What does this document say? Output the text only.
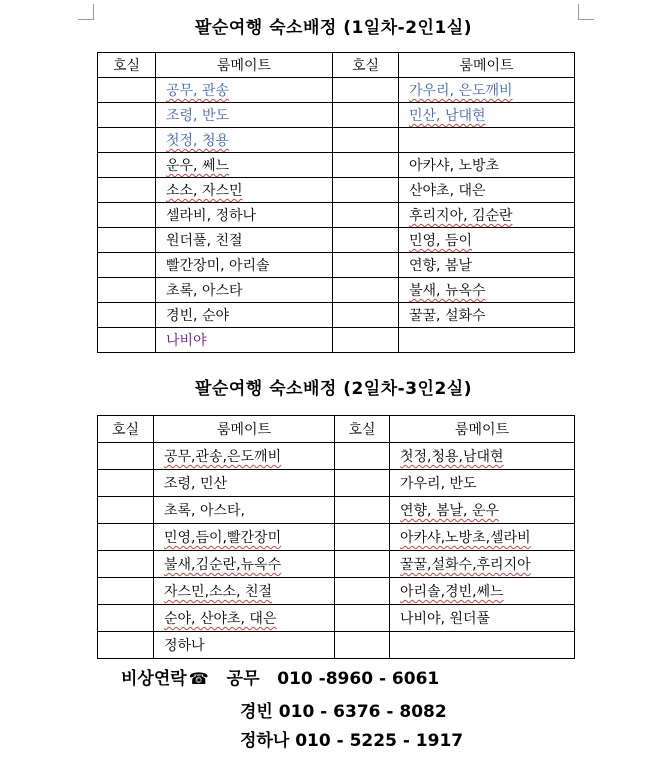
팔순여행 숙소배정 (1일차-2인1실)
호실	룸메이트	호실	룸메이트
	공무, 관송		가우리, 은도깨비
	조령, 반도		민산, 남대현
	첫정, 청용		
	운우, 쎄느		아카샤, 노방초
	소소, 자스민		산야초, 대은
	셀라비, 정하나		후리지아, 김순란
	원더풀, 친절		민영, 듬이
	빨간장미, 아리솔		연향, 봄날
	초록, 아스타		불새, 뉴옥수
	경빈, 순야		꿀꿀, 설화수
	나비야		
팔순여행 숙소배정 (2일차-3인2실)
호실	룸메이트	호실	룸메이트
	공무,관송,은도깨비		첫정,청용,남대현
	조령, 민산		가우리, 반도
	초록, 아스타,		연향, 봄날, 운우
	민영,듬이,빨간장미		아카샤,노방초,셀라비
	불새,김순란,뉴옥수		꿀꿀,설화수,후리지아
	자스민,소소, 친절		아리솔,경빈,쎄느
	순야, 산야초, 대은		나비야, 원더풀
	정하나		
비상연락 ☎ 공무 010 -8960 - 6061
경빈 010 - 6376 - 8082
정하나 010 - 5225 - 1917
